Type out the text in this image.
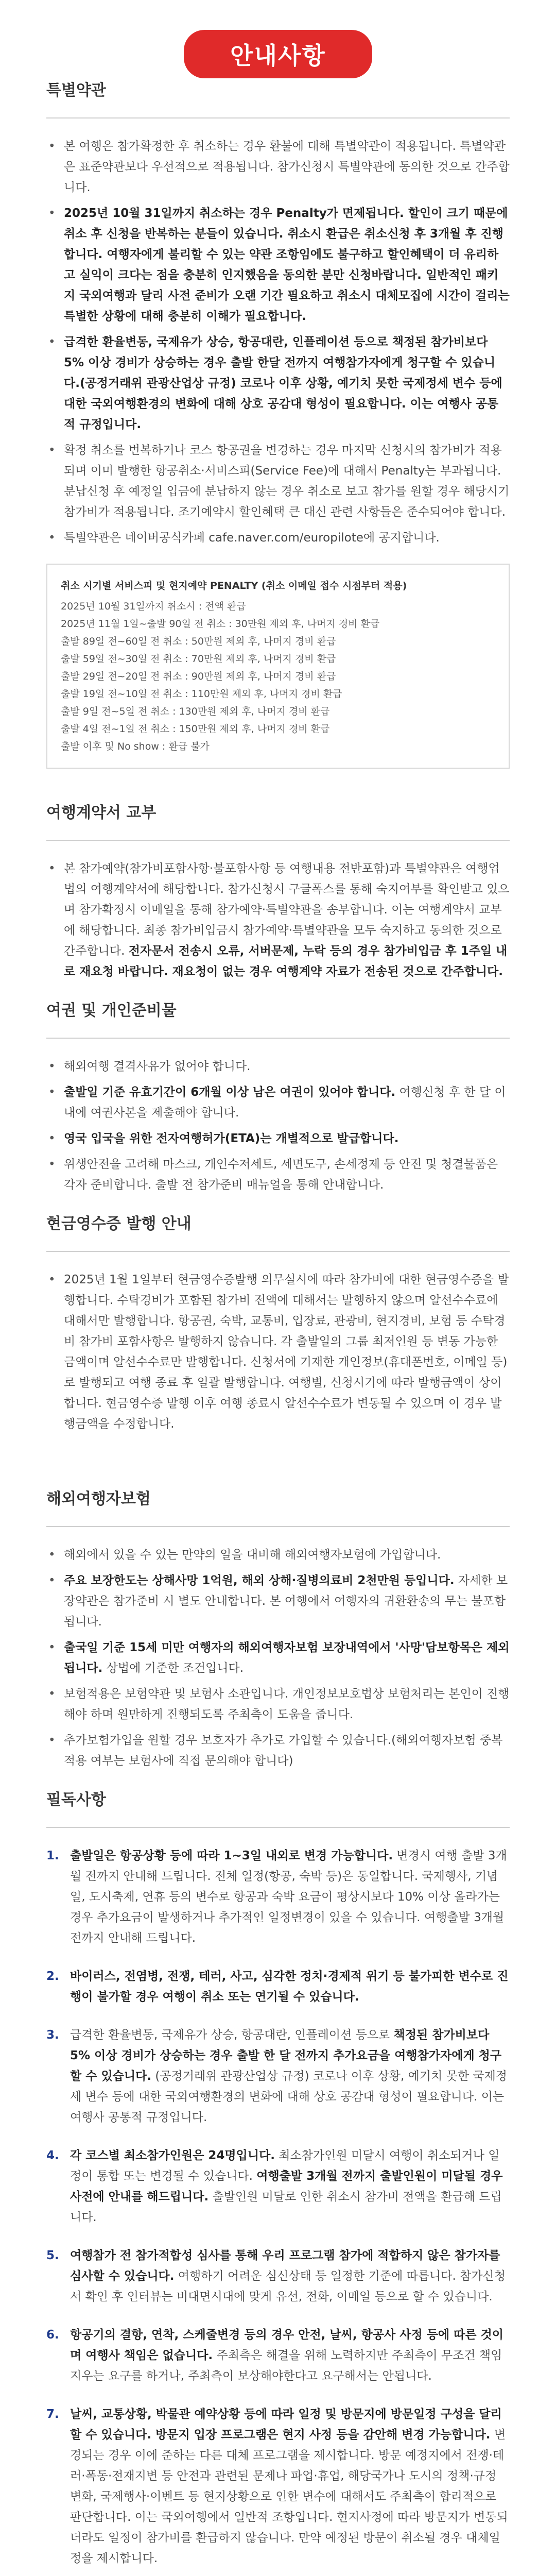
안내사항
특별약관
• 본 여행은 참가확정한 후 취소하는 경우 환불에 대해 특별약관이 적용됩니다. 특별약관은 표준약관보다 우선적으로 적용됩니다. 참가신청시 특별약관에 동의한 것으로 간주합니다.
• 2025년 10월 31일까지 취소하는 경우 Penalty가 면제됩니다. 할인이 크기 때문에 취소 후 신청을 반복하는 분들이 있습니다. 취소시 환급은 취소신청 후 3개월 후 진행합니다. 여행자에게 불리할 수 있는 약관 조항임에도 불구하고 할인혜택이 더 유리하고 실익이 크다는 점을 충분히 인지했음을 동의한 분만 신청바랍니다. 일반적인 패키지 국외여행과 달리 사전 준비가 오랜 기간 필요하고 취소시 대체모집에 시간이 걸리는 특별한 상황에 대해 충분히 이해가 필요합니다.
• 급격한 환율변동, 국제유가 상승, 항공대란, 인플레이션 등으로 책정된 참가비보다 5% 이상 경비가 상승하는 경우 출발 한달 전까지 여행참가자에게 청구할 수 있습니다.(공정거래위 관광산업상 규정) 코로나 이후 상황, 예기치 못한 국제정세 변수 등에 대한 국외여행환경의 변화에 대해 상호 공감대 형성이 필요합니다. 이는 여행사 공통적 규정입니다.
• 확정 취소를 번복하거나 코스 항공권을 변경하는 경우 마지막 신청시의 참가비가 적용되며 이미 발행한 항공취소·서비스피(Service Fee)에 대해서 Penalty는 부과됩니다. 분납신청 후 예정일 입금에 분납하지 않는 경우 취소로 보고 참가를 원할 경우 해당시기 참가비가 적용됩니다. 조기예약시 할인혜택 큰 대신 관련 사항들은 준수되어야 합니다.
• 특별약관은 네이버공식카페 cafe.naver.com/europilote에 공지합니다.
취소 시기별 서비스피 및 현지예약 PENALTY (취소 이메일 접수 시점부터 적용)
2025년 10월 31일까지 취소시 : 전액 환급
2025년 11월 1일~출발 90일 전 취소 : 30만원 제외 후, 나머지 경비 환급
출발 89일 전~60일 전 취소 : 50만원 제외 후, 나머지 경비 환급
출발 59일 전~30일 전 취소 : 70만원 제외 후, 나머지 경비 환급
출발 29일 전~20일 전 취소 : 90만원 제외 후, 나머지 경비 환급
출발 19일 전~10일 전 취소 : 110만원 제외 후, 나머지 경비 환급
출발 9일 전~5일 전 취소 : 130만원 제외 후, 나머지 경비 환급
출발 4일 전~1일 전 취소 : 150만원 제외 후, 나머지 경비 환급
출발 이후 및 No show : 환급 불가
여행계약서 교부
• 본 참가예약(참가비포함사항·불포함사항 등 여행내용 전반포함)과 특별약관은 여행업법의 여행계약서에 해당합니다. 참가신청시 구글폭스를 통해 숙지여부를 확인받고 있으며 참가확정시 이메일을 통해 참가예약·특별약관을 송부합니다. 이는 여행계약서 교부에 해당합니다. 최종 참가비입금시 참가예약·특별약관을 모두 숙지하고 동의한 것으로 간주합니다. 전자문서 전송시 오류, 서버문제, 누락 등의 경우 참가비입금 후 1주일 내로 재요청 바랍니다. 재요청이 없는 경우 여행계약 자료가 전송된 것으로 간주합니다.
여권 및 개인준비물
• 해외여행 결격사유가 없어야 합니다.
• 출발일 기준 유효기간이 6개월 이상 남은 여권이 있어야 합니다. 여행신청 후 한 달 이내에 여권사본을 제출해야 합니다.
• 영국 입국을 위한 전자여행허가(ETA)는 개별적으로 발급합니다.
• 위생안전을 고려해 마스크, 개인수저세트, 세면도구, 손세정제 등 안전 및 청결물품은 각자 준비합니다. 출발 전 참가준비 매뉴얼을 통해 안내합니다.
현금영수증 발행 안내
• 2025년 1월 1일부터 현금영수증발행 의무실시에 따라 참가비에 대한 현금영수증을 발행합니다. 수탁경비가 포함된 참가비 전액에 대해서는 발행하지 않으며 알선수수료에 대해서만 발행합니다. 항공권, 숙박, 교통비, 입장료, 관광비, 현지경비, 보험 등 수탁경비 참가비 포함사항은 발행하지 않습니다. 각 출발일의 그룹 최저인원 등 변동 가능한 금액이며 알선수수료만 발행합니다. 신청서에 기재한 개인정보(휴대폰번호, 이메일 등)로 발행되고 여행 종료 후 일괄 발행합니다. 여행별, 신청시기에 따라 발행금액이 상이합니다. 현금영수증 발행 이후 여행 종료시 알선수수료가 변동될 수 있으며 이 경우 발행금액을 수정합니다.
해외여행자보험
• 해외에서 있을 수 있는 만약의 일을 대비해 해외여행자보험에 가입합니다.
• 주요 보장한도는 상해사망 1억원, 해외 상해·질병의료비 2천만원 등입니다. 자세한 보장약관은 참가준비 시 별도 안내합니다. 본 여행에서 여행자의 귀환환송의 무는 불포함됩니다.
• 출국일 기준 15세 미만 여행자의 해외여행자보험 보장내역에서 '사망'담보항목은 제외됩니다. 상법에 기준한 조건입니다.
• 보험적용은 보험약관 및 보험사 소관입니다. 개인정보보호법상 보험처리는 본인이 진행해야 하며 원만하게 진행되도록 주최측이 도움을 줍니다.
• 추가보험가입을 원할 경우 보호자가 추가로 가입할 수 있습니다.(해외여행자보험 중복적용 여부는 보험사에 직접 문의해야 합니다)
필독사항
1. 출발일은 항공상황 등에 따라 1~3일 내외로 변경 가능합니다. 변경시 여행 출발 3개월 전까지 안내해 드립니다. 전체 일정(항공, 숙박 등)은 동일합니다. 국제행사, 기념일, 도시축제, 연휴 등의 변수로 항공과 숙박 요금이 평상시보다 10% 이상 올라가는 경우 추가요금이 발생하거나 추가적인 일정변경이 있을 수 있습니다. 여행출발 3개월 전까지 안내해 드립니다.
2. 바이러스, 전염병, 전쟁, 테러, 사고, 심각한 정치·경제적 위기 등 불가피한 변수로 진행이 불가할 경우 여행이 취소 또는 연기될 수 있습니다.
3. 급격한 환율변동, 국제유가 상승, 항공대란, 인플레이션 등으로 책정된 참가비보다 5% 이상 경비가 상승하는 경우 출발 한 달 전까지 추가요금을 여행참가자에게 청구할 수 있습니다. (공정거래위 관광산업상 규정) 코로나 이후 상황, 예기치 못한 국제정세 변수 등에 대한 국외여행환경의 변화에 대해 상호 공감대 형성이 필요합니다. 이는 여행사 공통적 규정입니다.
4. 각 코스별 최소참가인원은 24명입니다. 최소참가인원 미달시 여행이 취소되거나 일정이 통합 또는 변경될 수 있습니다. 여행출발 3개월 전까지 출발인원이 미달될 경우 사전에 안내를 해드립니다. 출발인원 미달로 인한 취소시 참가비 전액을 환급해 드립니다.
5. 여행참가 전 참가적합성 심사를 통해 우리 프로그램 참가에 적합하지 않은 참가자를 심사할 수 있습니다. 여행하기 어려운 심신상태 등 일정한 기준에 따릅니다. 참가신청서 확인 후 인터뷰는 비대면시대에 맞게 유선, 전화, 이메일 등으로 할 수 있습니다.
6. 항공기의 결항, 연착, 스케줄변경 등의 경우 안전, 날씨, 항공사 사정 등에 따른 것이며 여행사 책임은 없습니다. 주최측은 해결을 위해 노력하지만 주최측이 무조건 책임지우는 요구를 하거나, 주최측이 보상해야한다고 요구해서는 안됩니다.
7. 날씨, 교통상황, 박물관 예약상황 등에 따라 일정 및 방문지에 방문일정 구성을 달리할 수 있습니다. 방문지 입장 프로그램은 현지 사정 등을 감안해 변경 가능합니다. 변경되는 경우 이에 준하는 다른 대체 프로그램을 제시합니다. 방문 예정지에서 전쟁·테러·폭동·전재지변 등 안전과 관련된 문제나 파업·휴업, 해당국가나 도시의 정책·규정 변화, 국제행사·이벤트 등 현지상황으로 인한 변수에 대해서도 주최측이 합리적으로 판단합니다. 이는 국외여행에서 일반적 조항입니다. 현지사정에 따라 방문지가 변동되더라도 일정이 참가비를 환급하지 않습니다. 만약 예정된 방문이 취소될 경우 대체일정을 제시합니다.
